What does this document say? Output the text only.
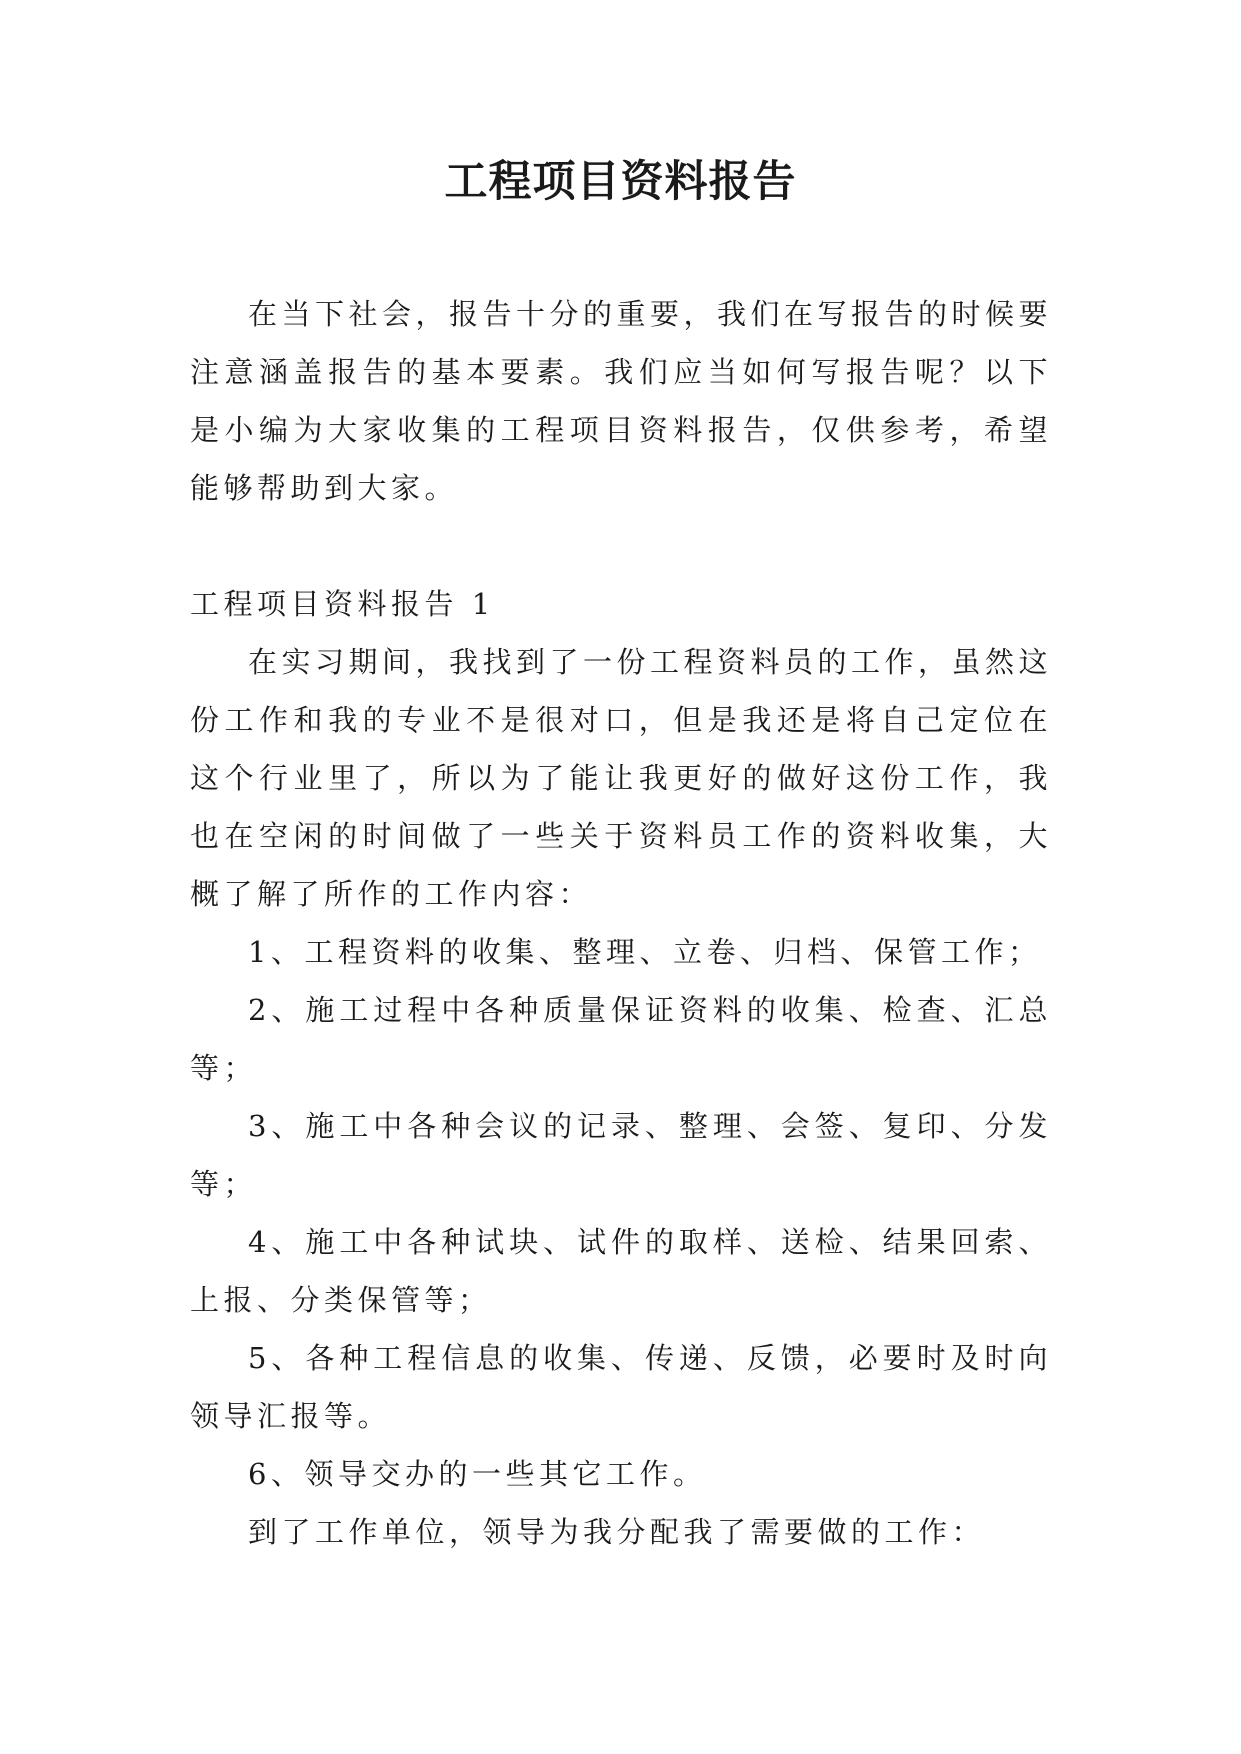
工程项目资料报告

在当下社会，报告十分的重要，我们在写报告的时候要注意涵盖报告的基本要素。我们应当如何写报告呢？以下是小编为大家收集的工程项目资料报告，仅供参考，希望能够帮助到大家。

工程项目资料报告 1

在实习期间，我找到了一份工程资料员的工作，虽然这份工作和我的专业不是很对口，但是我还是将自己定位在这个行业里了，所以为了能让我更好的做好这份工作，我也在空闲的时间做了一些关于资料员工作的资料收集，大概了解了所作的工作内容：

1、工程资料的收集、整理、立卷、归档、保管工作；

2、施工过程中各种质量保证资料的收集、检查、汇总等；

3、施工中各种会议的记录、整理、会签、复印、分发等；

4、施工中各种试块、试件的取样、送检、结果回索、上报、分类保管等；

5、各种工程信息的收集、传递、反馈，必要时及时向领导汇报等。

6、领导交办的一些其它工作。

到了工作单位，领导为我分配我了需要做的工作：
